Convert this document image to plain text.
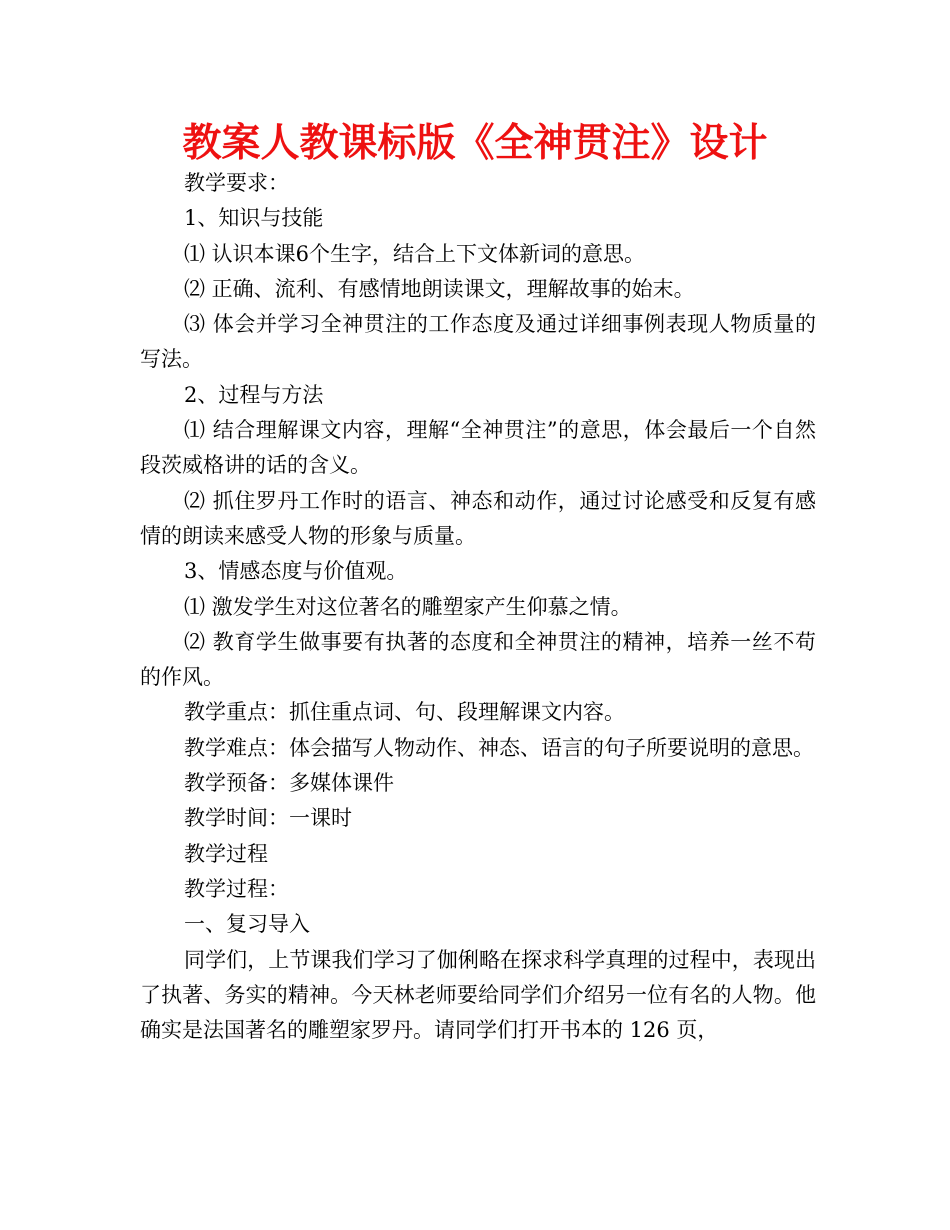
教案人教课标版《全神贯注》设计

教学要求：

1、知识与技能

⑴ 认识本课6个生字，结合上下文体新词的意思。

⑵ 正确、流利、有感情地朗读课文，理解故事的始末。

⑶ 体会并学习全神贯注的工作态度及通过详细事例表现人物质量的写法。

2、过程与方法

⑴ 结合理解课文内容，理解“全神贯注”的意思，体会最后一个自然段茨威格讲的话的含义。

⑵ 抓住罗丹工作时的语言、神态和动作，通过讨论感受和反复有感情的朗读来感受人物的形象与质量。

3、情感态度与价值观。

⑴ 激发学生对这位著名的雕塑家产生仰慕之情。

⑵ 教育学生做事要有执著的态度和全神贯注的精神，培养一丝不苟的作风。

教学重点：抓住重点词、句、段理解课文内容。

教学难点：体会描写人物动作、神态、语言的句子所要说明的意思。

教学预备：多媒体课件

教学时间：一课时

教学过程

教学过程：

一、复习导入

同学们，上节课我们学习了伽俐略在探求科学真理的过程中，表现出了执著、务实的精神。今天林老师要给同学们介绍另一位有名的人物。他确实是法国著名的雕塑家罗丹。请同学们打开书本的 126 页，
